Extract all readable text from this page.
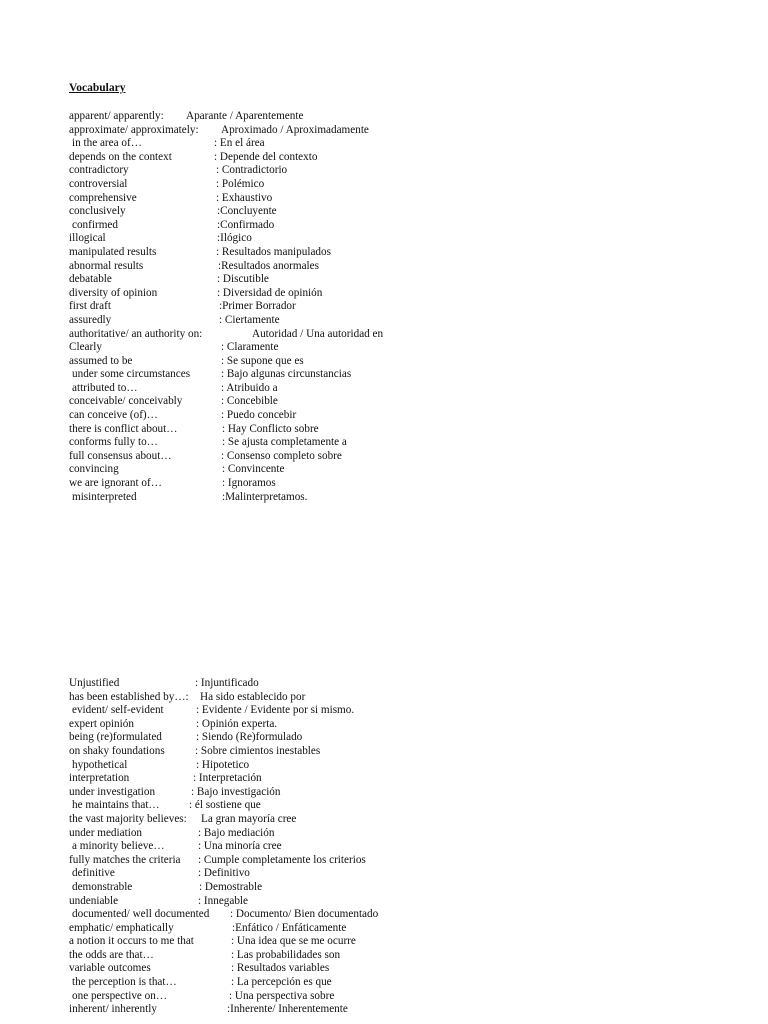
Vocabulary
apparent/ apparently: Aparante / Aparentemente
approximate/ approximately: Aproximado / Aproximadamente
in the area of…	: En el área
depends on the context	: Depende del contexto
contradictory	: Contradictorio
controversial	: Polémico
comprehensive	: Exhaustivo
conclusively	:Concluyente
confirmed	:Confirmado
illogical	:Ilógico
manipulated results	: Resultados manipulados
abnormal results	:Resultados anormales
debatable	: Discutible
diversity of opinion	: Diversidad de opinión
first draft	:Primer Borrador
assuredly	: Ciertamente
authoritative/ an authority on:	Autoridad / Una autoridad en
Clearly	: Claramente
assumed to be	: Se supone que es
under some circumstances	: Bajo algunas circunstancias
attributed to…	: Atribuido a
conceivable/ conceivably	: Concebible
can conceive (of)…	: Puedo concebir
there is conflict about…	: Hay Conflicto sobre
conforms fully to…	: Se ajusta completamente a
full consensus about…	: Consenso completo sobre
convincing	: Convincente
we are ignorant of…	: Ignoramos
misinterpreted	:Malinterpretamos.
Unjustified	: Injuntificado
has been established by…: Ha sido establecido por
evident/ self-evident	: Evidente / Evidente por si mismo.
expert opinión	: Opinión experta.
being (re)formulated	: Siendo (Re)formulado
on shaky foundations	: Sobre cimientos inestables
hypothetical	: Hipotetico
interpretation	: Interpretación
under investigation	: Bajo investigación
he maintains that…	: él sostiene que
the vast majority believes: La gran mayoría cree
under mediation	: Bajo mediación
a minority believe…	: Una minoría cree
fully matches the criteria : Cumple completamente los criterios
definitive	: Definitivo
demonstrable	: Demostrable
undeniable	: Innegable
documented/ well documented : Documento/ Bien documentado
emphatic/ emphatically	:Enfático / Enfáticamente
a notion it occurs to me that	: Una idea que se me ocurre
the odds are that…	: Las probabilidades son
variable outcomes	: Resultados variables
the perception is that…	: La percepción es que
one perspective on…	: Una perspectiva sobre
inherent/ inherently	:Inherente/ Inherentemente
